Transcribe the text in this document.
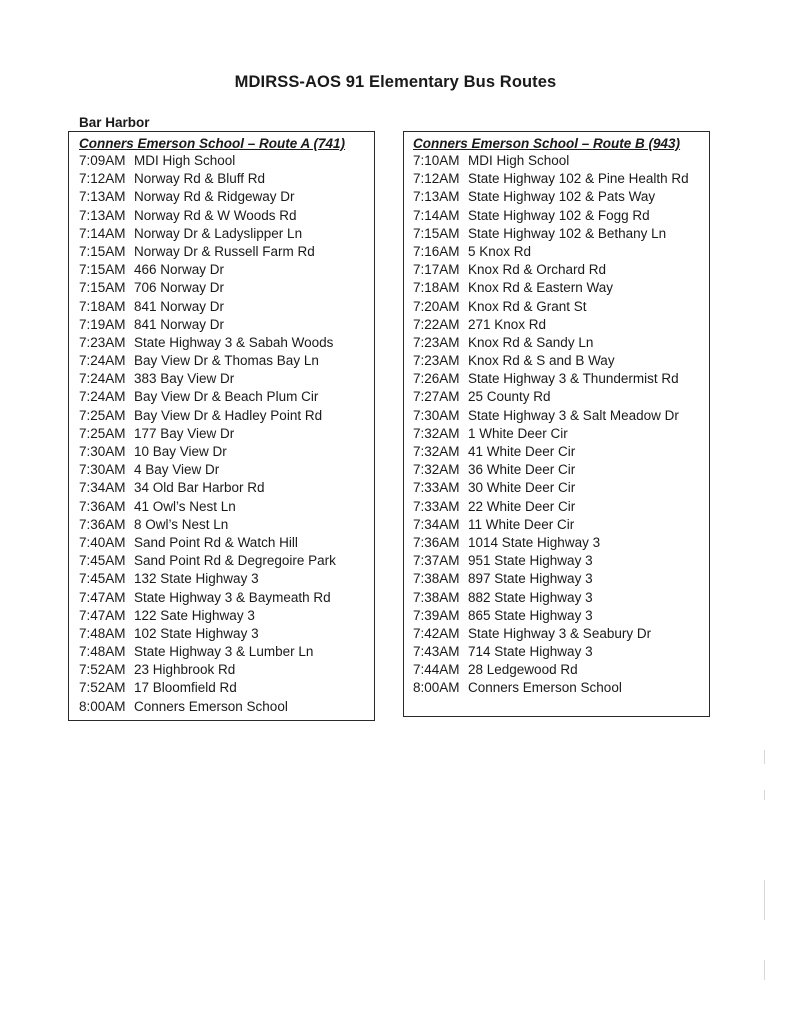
MDIRSS-AOS 91 Elementary Bus Routes
Bar Harbor
Conners Emerson School – Route A (741)
7:09AM MDI High School
7:12AM Norway Rd & Bluff Rd
7:13AM Norway Rd & Ridgeway Dr
7:13AM Norway Rd & W Woods Rd
7:14AM Norway Dr & Ladyslipper Ln
7:15AM Norway Dr & Russell Farm Rd
7:15AM 466 Norway Dr
7:15AM 706 Norway Dr
7:18AM 841 Norway Dr
7:19AM 841 Norway Dr
7:23AM State Highway 3 & Sabah Woods
7:24AM Bay View Dr & Thomas Bay Ln
7:24AM 383 Bay View Dr
7:24AM Bay View Dr & Beach Plum Cir
7:25AM Bay View Dr & Hadley Point Rd
7:25AM 177 Bay View Dr
7:30AM 10 Bay View Dr
7:30AM 4 Bay View Dr
7:34AM 34 Old Bar Harbor Rd
7:36AM 41 Owl’s Nest Ln
7:36AM 8 Owl’s Nest Ln
7:40AM Sand Point Rd & Watch Hill
7:45AM Sand Point Rd & Degregoire Park
7:45AM 132 State Highway 3
7:47AM State Highway 3 & Baymeath Rd
7:47AM 122 Sate Highway 3
7:48AM 102 State Highway 3
7:48AM State Highway 3 & Lumber Ln
7:52AM 23 Highbrook Rd
7:52AM 17 Bloomfield Rd
8:00AM Conners Emerson School
Conners Emerson School – Route B (943)
7:10AM MDI High School
7:12AM State Highway 102 & Pine Health Rd
7:13AM State Highway 102 & Pats Way
7:14AM State Highway 102 & Fogg Rd
7:15AM State Highway 102 & Bethany Ln
7:16AM 5 Knox Rd
7:17AM Knox Rd & Orchard Rd
7:18AM Knox Rd & Eastern Way
7:20AM Knox Rd & Grant St
7:22AM 271 Knox Rd
7:23AM Knox Rd & Sandy Ln
7:23AM Knox Rd & S and B Way
7:26AM State Highway 3 & Thundermist Rd
7:27AM 25 County Rd
7:30AM State Highway 3 & Salt Meadow Dr
7:32AM 1 White Deer Cir
7:32AM 41 White Deer Cir
7:32AM 36 White Deer Cir
7:33AM 30 White Deer Cir
7:33AM 22 White Deer Cir
7:34AM 11 White Deer Cir
7:36AM 1014 State Highway 3
7:37AM 951 State Highway 3
7:38AM 897 State Highway 3
7:38AM 882 State Highway 3
7:39AM 865 State Highway 3
7:42AM State Highway 3 & Seabury Dr
7:43AM 714 State Highway 3
7:44AM 28 Ledgewood Rd
8:00AM Conners Emerson School
